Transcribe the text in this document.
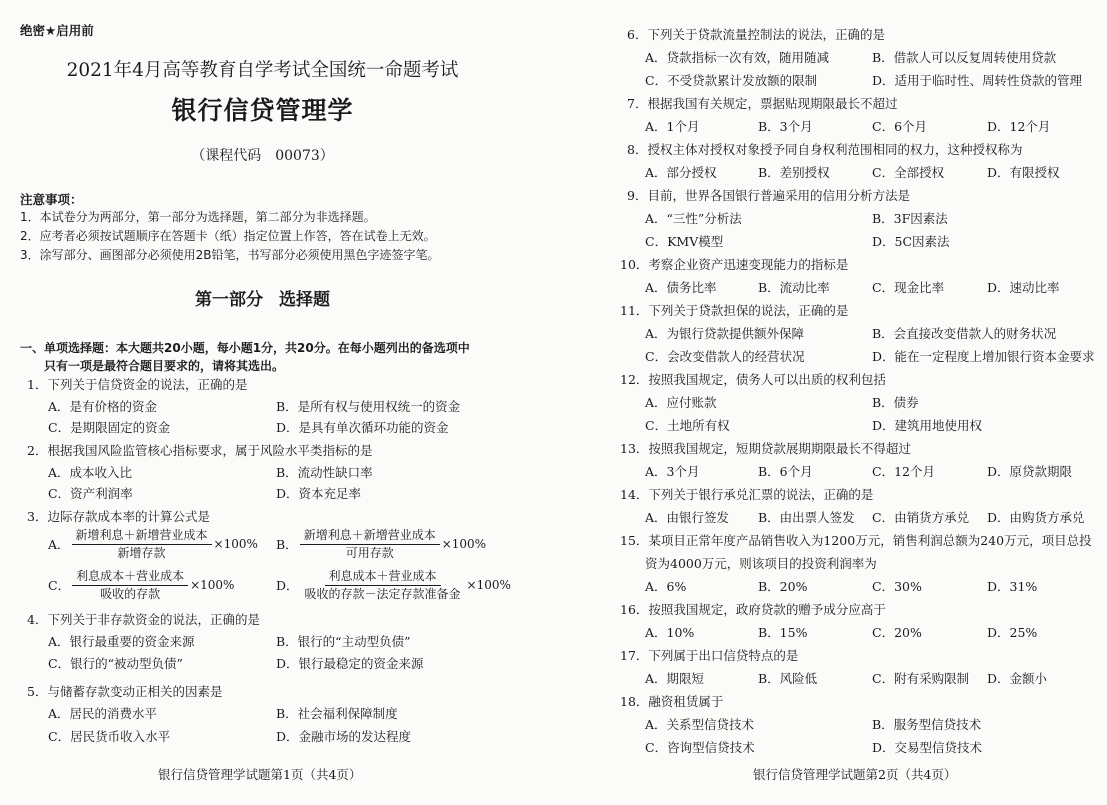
绝密★启用前
2021年4月高等教育自学考试全国统一命题考试
银行信贷管理学
（课程代码　00073）
注意事项：
1．本试卷分为两部分，第一部分为选择题，第二部分为非选择题。
2．应考者必须按试题顺序在答题卡（纸）指定位置上作答，答在试卷上无效。
3．涂写部分、画图部分必须使用2B铅笔，书写部分必须使用黑色字迹签字笔。
第一部分 选择题
一、单项选择题：本大题共20小题，每小题1分，共20分。在每小题列出的备选项中
只有一项是最符合题目要求的，请将其选出。
1．下列关于信贷资金的说法，正确的是
A．是有价格的资金	B．是所有权与使用权统一的资金
C．是期限固定的资金	D．是具有单次循环功能的资金
2．根据我国风险监管核心指标要求，属于风险水平类指标的是
A．成本收入比	B．流动性缺口率
C．资产利润率	D．资本充足率
3．边际存款成本率的计算公式是
A． $\frac{\text{新增利息＋新增营业成本}}{\text{新增存款}} \times 100\%$ B． $\frac{\text{新增利息＋新增营业成本}}{\text{可用存款}} \times 100\%$
C． $\frac{\text{利息成本＋营业成本}}{\text{吸收的存款}} \times 100\%$	D． $\frac{\text{利息成本＋营业成本}}{\text{吸收的存款－法定存款准备金}} \times 100\%$
4．下列关于非存款资金的说法，正确的是
A．银行最重要的资金来源	B．银行的“主动型负债”
C．银行的“被动型负债”	D．银行最稳定的资金来源
5．与储蓄存款变动正相关的因素是
A．居民的消费水平	B．社会福利保障制度
C．居民货币收入水平	D．金融市场的发达程度
银行信贷管理学试题第1页（共4页）
6．下列关于贷款流量控制法的说法，正确的是
A．贷款指标一次有效，随用随减	B．借款人可以反复周转使用贷款
C．不受贷款累计发放额的限制	D．适用于临时性、周转性贷款的管理
7．根据我国有关规定，票据贴现期限最长不超过
A．1个月	B．3个月	C．6个月	D．12个月
8．授权主体对授权对象授予同自身权利范围相同的权力，这种授权称为
A．部分授权	B．差别授权	C．全部授权	D．有限授权
9．目前，世界各国银行普遍采用的信用分析方法是
A．“三性”分析法	B．3F因素法
C．KMV模型	D．5C因素法
10．考察企业资产迅速变现能力的指标是
A．债务比率	B．流动比率	C．现金比率	D．速动比率
11．下列关于贷款担保的说法，正确的是
A．为银行贷款提供额外保障	B．会直接改变借款人的财务状况
C．会改变借款人的经营状况	D．能在一定程度上增加银行资本金要求
12．按照我国规定，债务人可以出质的权利包括
A．应付账款	B．债券
C．土地所有权	D．建筑用地使用权
13．按照我国规定，短期贷款展期期限最长不得超过
A．3个月	B．6个月	C．12个月	D．原贷款期限
14．下列关于银行承兑汇票的说法，正确的是
A．由银行签发 B．由出票人签发 C．由销货方承兑 D．由购货方承兑
15．某项目正常年度产品销售收入为1200万元，销售利润总额为240万元，项目总投
资为4000万元，则该项目的投资利润率为
A．6%	B．20%	C．30%	D．31%
16．按照我国规定，政府贷款的赠予成分应高于
A．10%	B．15%	C．20%	D．25%
17．下列属于出口信贷特点的是
A．期限短	B．风险低	C．附有采购限制 D．金额小
18．融资租赁属于
A．关系型信贷技术	B．服务型信贷技术
C．咨询型信贷技术	D．交易型信贷技术
银行信贷管理学试题第2页（共4页）
